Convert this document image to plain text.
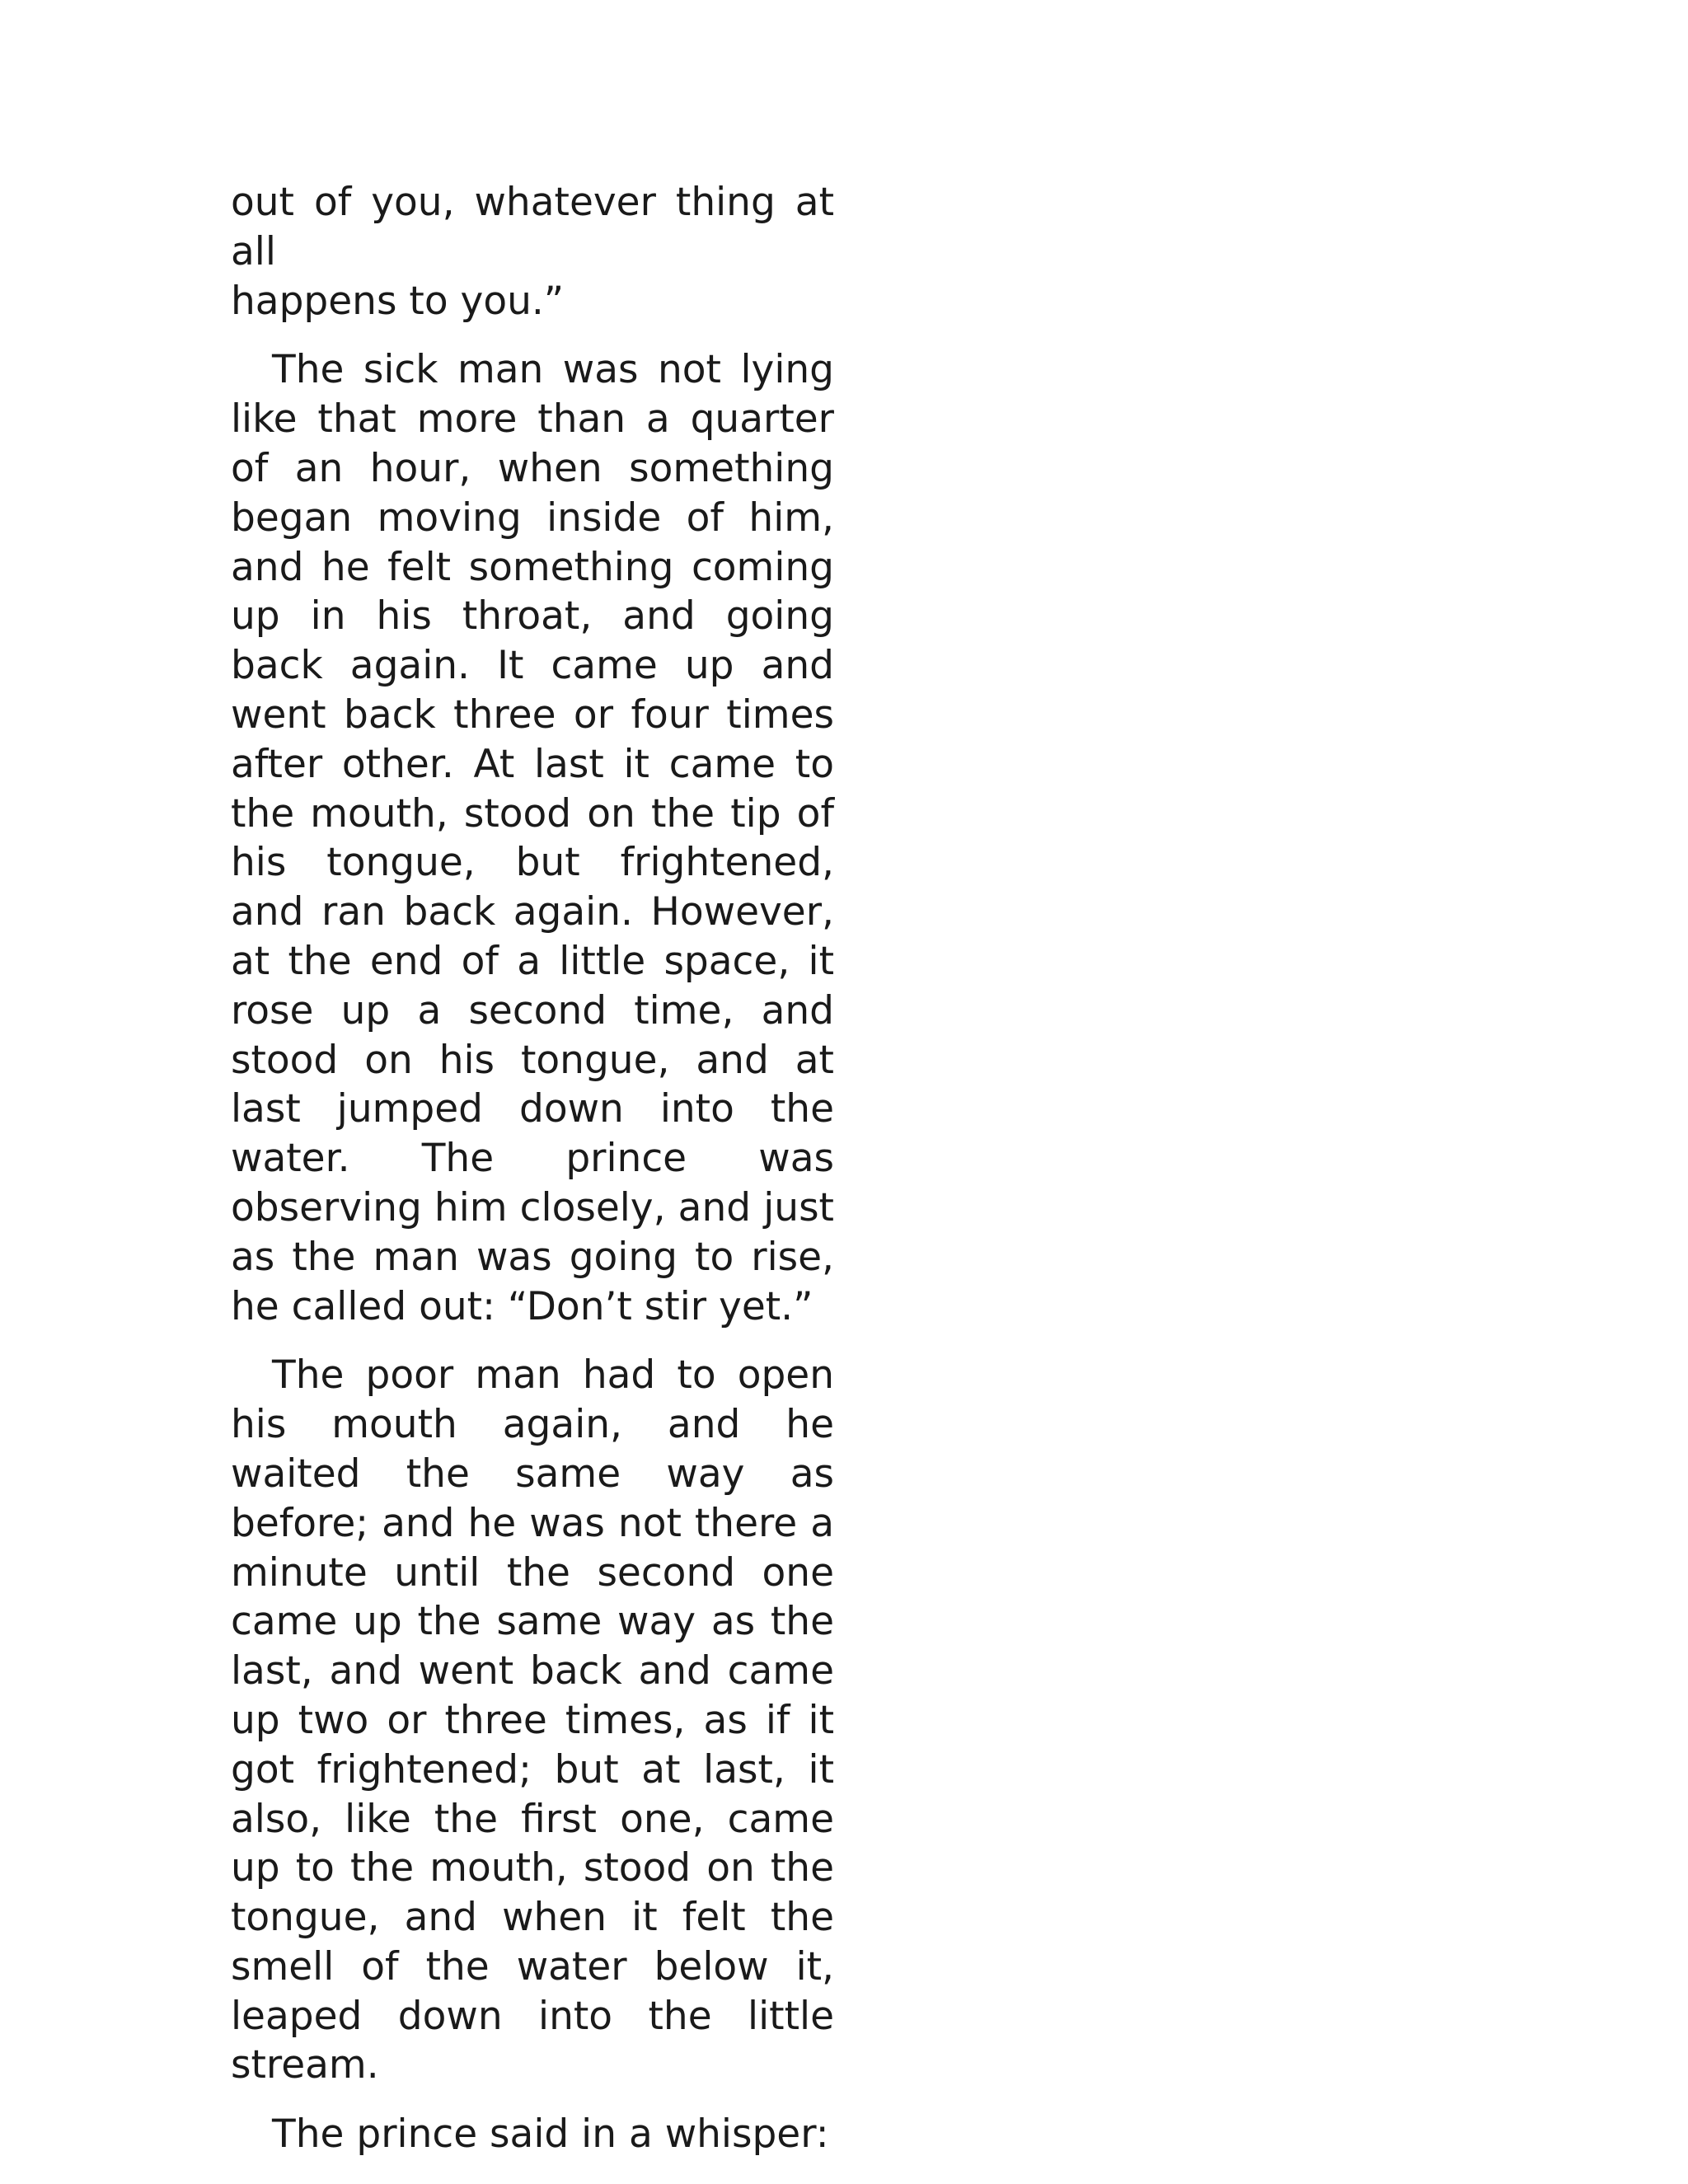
out of you, whatever thing at all
happens to you.”

The sick man was not lying like that more than a quarter of an hour, when something began moving inside of him, and he felt something coming up in his throat, and going back again. It came up and went back three or four times after other. At last it came to the mouth, stood on the tip of his tongue, but frightened, and ran back again. However, at the end of a little space, it rose up a second time, and stood on his tongue, and at last jumped down into the water. The prince was observing him closely, and just as the man was going to rise, he called out: “Don’t stir yet.”

The poor man had to open his mouth again, and he waited the same way as before; and he was not there a minute until the second one came up the same way as the last, and went back and came up two or three times, as if it got frightened; but at last, it also, like the first one, came up to the mouth, stood on the tongue, and when it felt the smell of the water below it, leaped down into the little stream.

The prince said in a whisper:
